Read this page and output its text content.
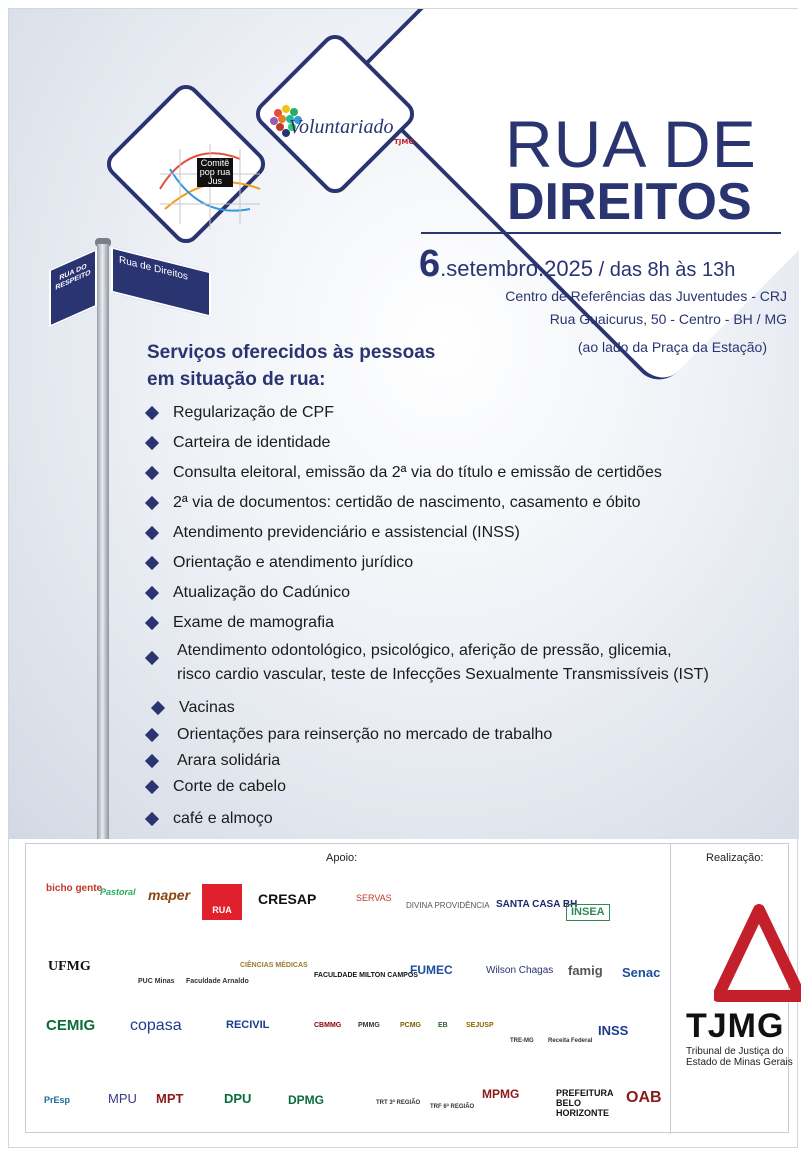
Comitê pop rua Jus
Voluntariado
TJMG
RUA DO RESPEITO	Rua de Direitos
RUA DE
DIREITOS
6.setembro.2025 / das 8h às 13h
Centro de Referências das Juventudes - CRJ
Rua Guaicurus, 50 - Centro - BH / MG
(ao lado da Praça da Estação)
Serviços oferecidos às pessoas
em situação de rua:
Regularização de CPF
Carteira de identidade
Consulta eleitoral, emissão da 2ª via do título e emissão de certidões
2ª via de documentos: certidão de nascimento, casamento e óbito
Atendimento previdenciário e assistencial (INSS)
Orientação e atendimento jurídico
Atualização do Cadúnico
Exame de mamografia
Atendimento odontológico, psicológico, aferição de pressão, glicemia,
risco cardio vascular, teste de Infecções Sexualmente Transmissíveis (IST)
Vacinas
Orientações para reinserção no mercado de trabalho
Arara solidária
Corte de cabelo
café e almoço
Apoio:	Realização:
bicho gente
Pastoral maper
RUA
CRESAP	SERVAS
DIVINA PROVIDÊNCIA SANTA CASA BH
INSEA
UFMG
PUC Minas Faculdade Arnaldo
CIÊNCIAS MÉDICAS
FACULDADE MILTON CAMPOS
FUMEC	Wilson Chagas famig Senac
CEMIG copasa	RECIVIL	CBMMG PMMG	PCMG EB	SEJUSP
TRE-MG Receita Federal
INSS
PrEsp	MPU MPT	DPU	DPMG	TRT 3ª REGIÃO
TRF 6ª REGIÃO
MPMG	PREFEITURA BELO HORIZONTE
OAB
TJMG
Tribunal de Justiça do Estado de Minas Gerais
